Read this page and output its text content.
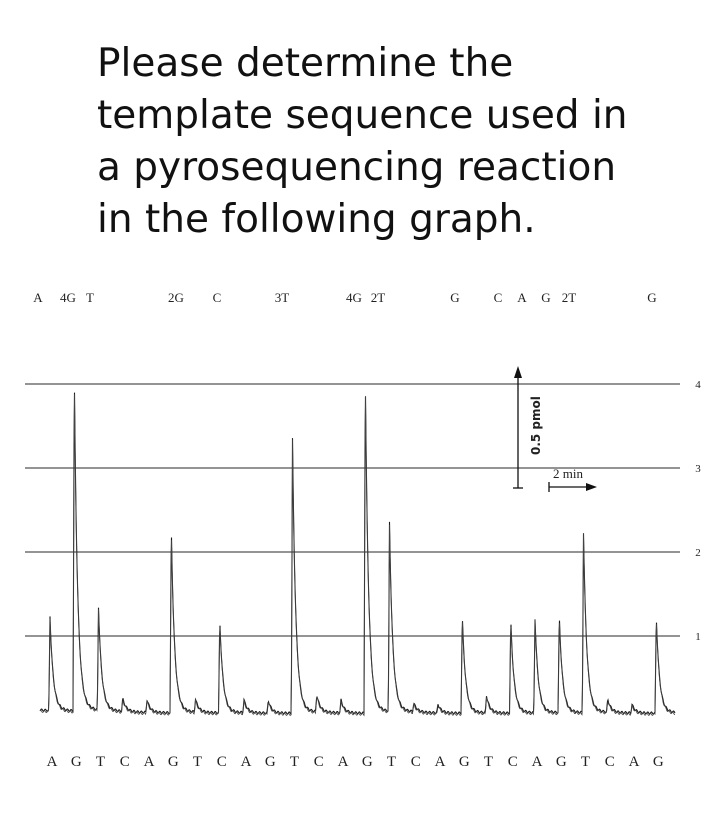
Please determine the
template sequence used in
a pyrosequencing reaction
in the following graph.
1
2
3
4
A 4G T	2G C	3T	4G 2T	G	C A G 2T	G
A G T C A G T C A G T C A G T C A G T C A G T C A G
0.5 pmol
2 min
